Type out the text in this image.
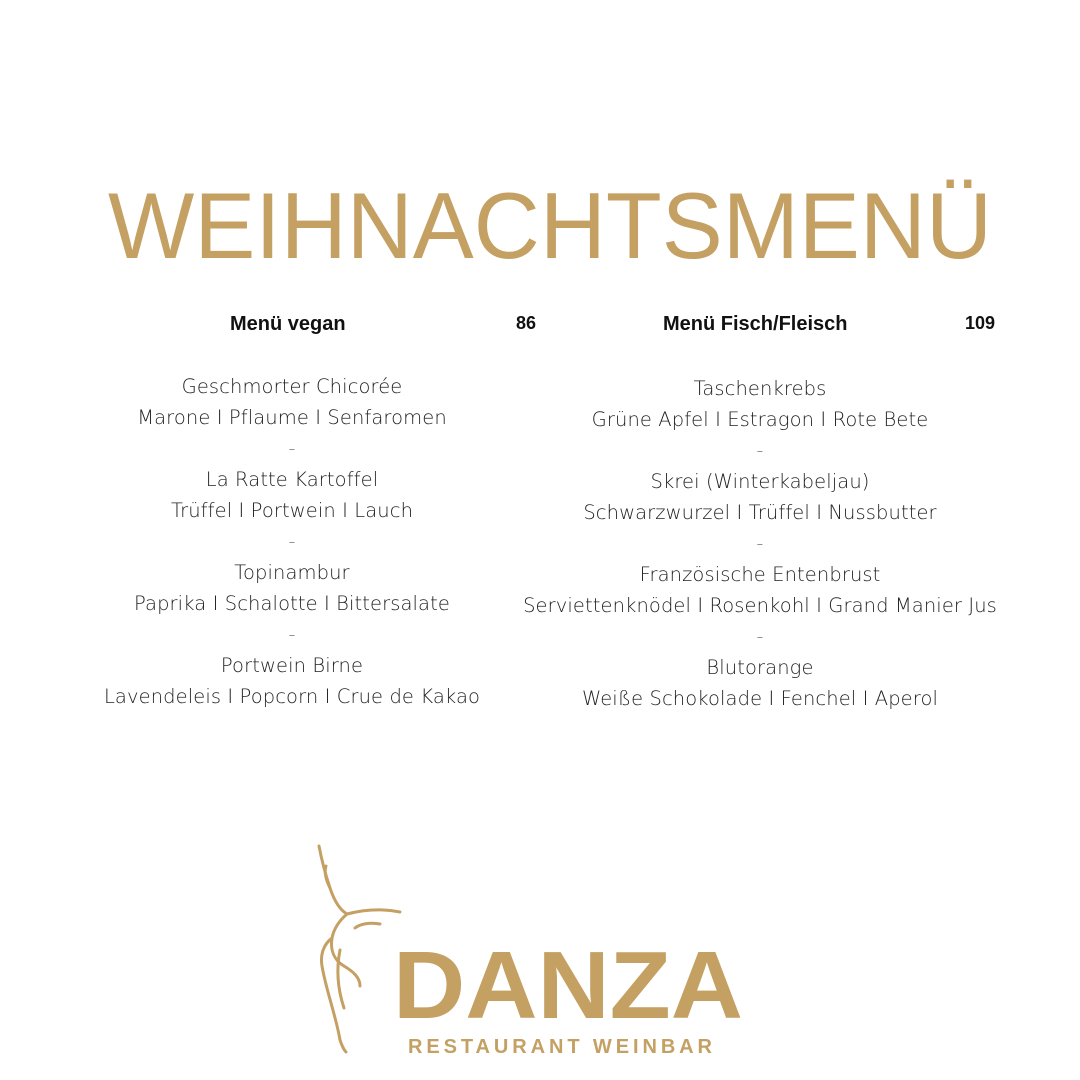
WEIHNACHTSMENÜ
Menü vegan	86
Geschmorter Chicorée
Marone I Pflaume I Senfaromen
-
La Ratte Kartoffel
Trüffel I Portwein I Lauch
-
Topinambur
Paprika I Schalotte I Bittersalate
-
Portwein Birne
Lavendeleis I Popcorn I Crue de Kakao
Menü Fisch/Fleisch	109
Taschenkrebs
Grüne Apfel I Estragon I Rote Bete
-
Skrei (Winterkabeljau)
Schwarzwurzel I Trüffel I Nussbutter
-
Französische Entenbrust
Serviettenknödel I Rosenkohl I Grand Manier Jus
-
Blutorange
Weiße Schokolade I Fenchel I Aperol
DANZA
RESTAURANT WEINBAR
